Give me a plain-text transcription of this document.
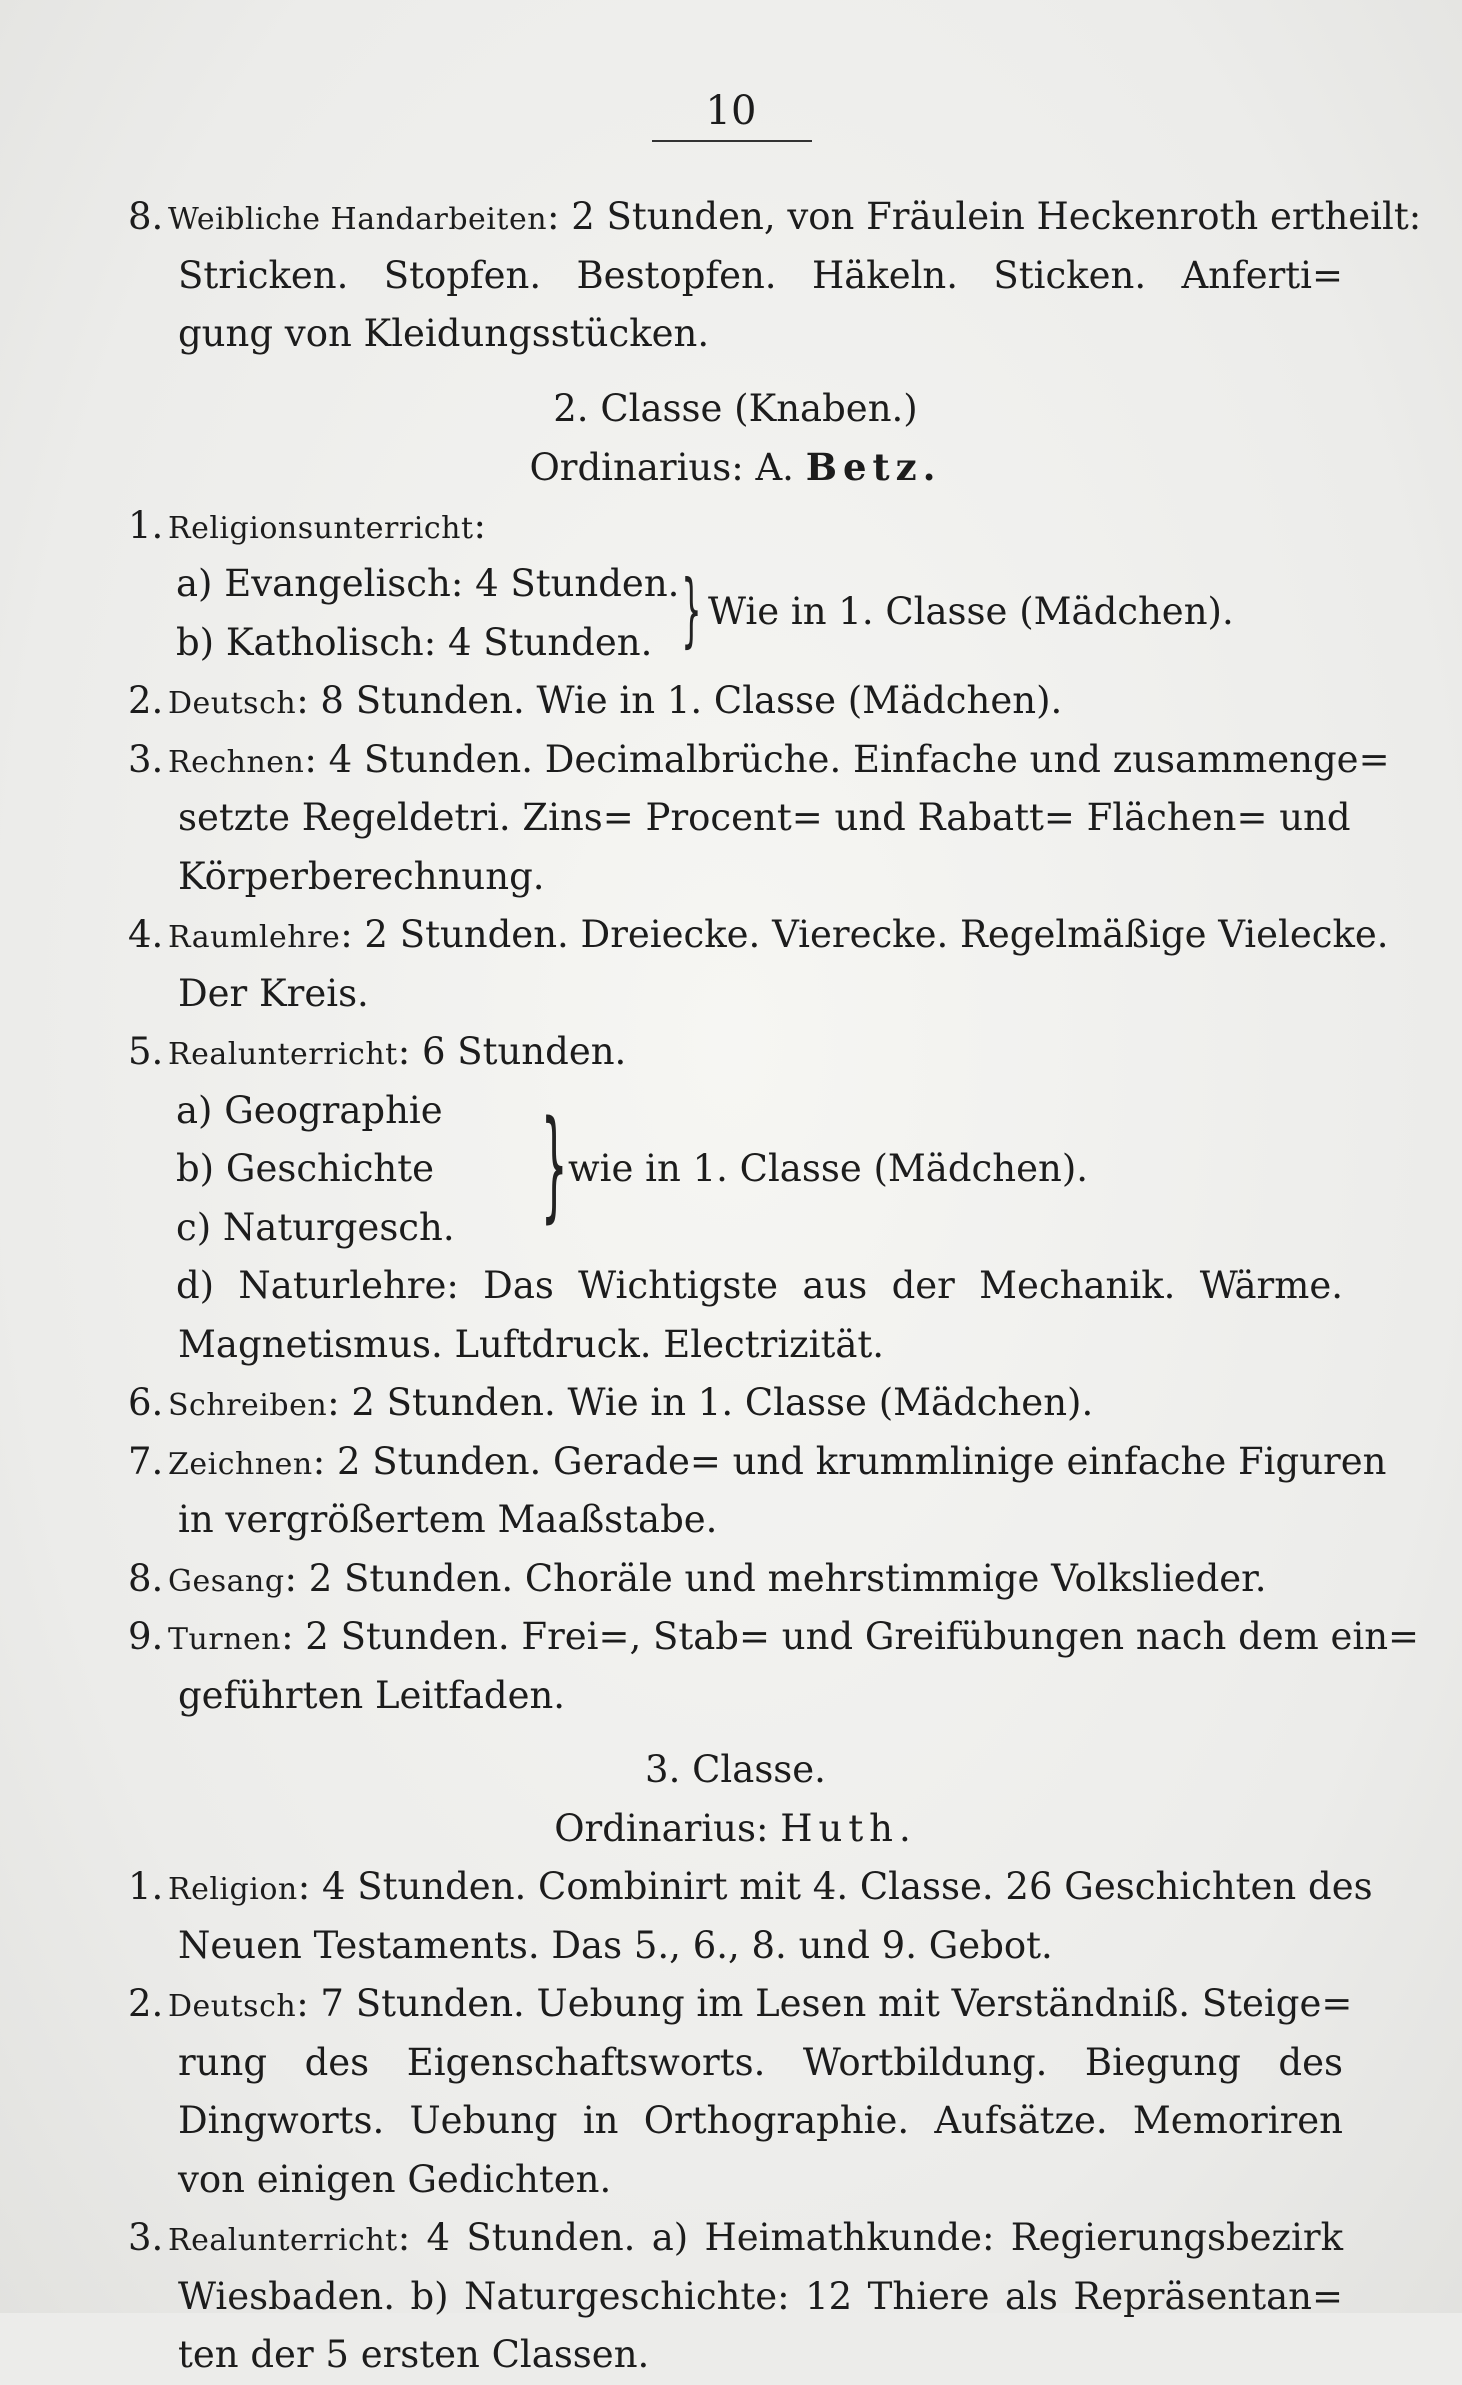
10
8. Weibliche Handarbeiten: 2 Stunden, von Fräulein Heckenroth ertheilt:
Stricken. Stopfen. Bestopfen. Häkeln. Sticken. Anferti=
gung von Kleidungsstücken.
2. Classe (Knaben.)
Ordinarius: A. Betz.
1. Religionsunterricht:
a) Evangelisch: 4 Stunden.
b) Katholisch: 4 Stunden. } Wie in 1. Classe (Mädchen).
2. Deutsch: 8 Stunden. Wie in 1. Classe (Mädchen).
3. Rechnen: 4 Stunden. Decimalbrüche. Einfache und zusammenge=
setzte Regeldetri. Zins= Procent= und Rabatt= Flächen= und
Körperberechnung.
4. Raumlehre: 2 Stunden. Dreiecke. Vierecke. Regelmäßige Vielecke.
Der Kreis.
5. Realunterricht: 6 Stunden.
a) Geographie
b) Geschichte
c) Naturgesch. } wie in 1. Classe (Mädchen).
d) Naturlehre: Das Wichtigste aus der Mechanik. Wärme.
Magnetismus. Luftdruck. Electrizität.
6. Schreiben: 2 Stunden. Wie in 1. Classe (Mädchen).
7. Zeichnen: 2 Stunden. Gerade= und krummlinige einfache Figuren
in vergrößertem Maaßstabe.
8. Gesang: 2 Stunden. Choräle und mehrstimmige Volkslieder.
9. Turnen: 2 Stunden. Frei=, Stab= und Greifübungen nach dem ein=
geführten Leitfaden.
3. Classe.
Ordinarius: Huth.
1. Religion: 4 Stunden. Combinirt mit 4. Classe. 26 Geschichten des
Neuen Testaments. Das 5., 6., 8. und 9. Gebot.
2. Deutsch: 7 Stunden. Uebung im Lesen mit Verständniß. Steige=
rung des Eigenschaftsworts. Wortbildung. Biegung des
Dingworts. Uebung in Orthographie. Aufsätze. Memoriren
von einigen Gedichten.
3. Realunterricht: 4 Stunden. a) Heimathkunde: Regierungsbezirk
Wiesbaden. b) Naturgeschichte: 12 Thiere als Repräsentan=
ten der 5 ersten Classen.
